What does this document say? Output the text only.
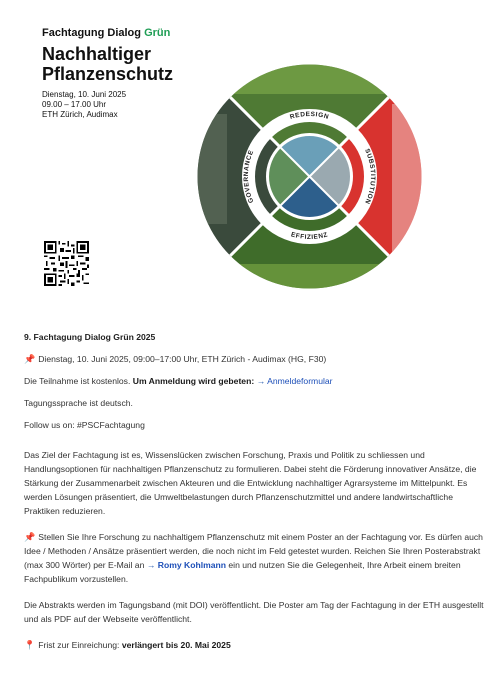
Fachtagung Dialog Grün
Nachhaltiger Pflanzenschutz
Dienstag, 10. Juni 2025
09.00 – 17.00 Uhr
ETH Zürich, Audimax	REDESIGN
SUBSTITUTION
EFFIZIENZ
GOVERNANCE

9. Fachtagung Dialog Grün 2025

📌 Dienstag, 10. Juni 2025, 09:00–17:00 Uhr, ETH Zürich - Audimax (HG, F30)

Die Teilnahme ist kostenlos. Um Anmeldung wird gebeten: → Anmeldeformular

Tagungssprache ist deutsch.

Follow us on: #PSCFachtagung

Das Ziel der Fachtagung ist es, Wissenslücken zwischen Forschung, Praxis und Politik zu schliessen und Handlungsoptionen für nachhaltigen Pflanzenschutz zu formulieren. Dabei steht die Förderung innovativer Ansätze, die Stärkung der Zusammenarbeit zwischen Akteuren und die Entwicklung nachhaltiger Agrarsysteme im Mittelpunkt. Es werden Lösungen präsentiert, die Umweltbelastungen durch Pflanzenschutzmittel und andere landwirtschaftliche Praktiken reduzieren.

📌 Stellen Sie Ihre Forschung zu nachhaltigem Pflanzenschutz mit einem Poster an der Fachtagung vor. Es dürfen auch Idee / Methoden / Ansätze präsentiert werden, die noch nicht im Feld getestet wurden. Reichen Sie Ihren Posterabstrakt (max 300 Wörter) per E-Mail an → Romy Kohlmann ein und nutzen Sie die Gelegenheit, Ihre Arbeit einem breiten Fachpublikum vorzustellen.

Die Abstrakts werden im Tagungsband (mit DOI) veröffentlicht. Die Poster am Tag der Fachtagung in der ETH ausgestellt und als PDF auf der Webseite veröffentlicht.

📍 Frist zur Einreichung: verlängert bis 20. Mai 2025
